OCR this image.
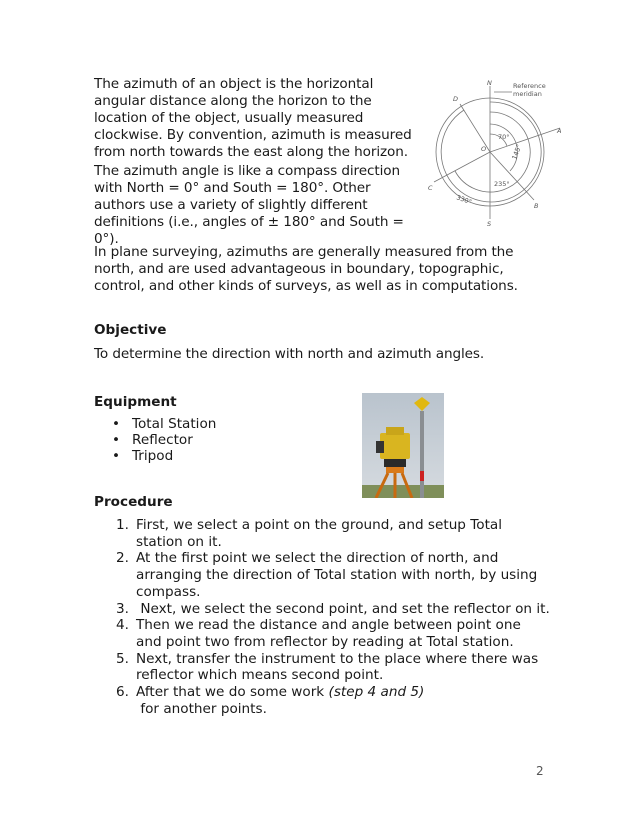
The azimuth of an object is the horizontal angular distance along the horizon to the location of the object, usually measured clockwise. By convention, azimuth is measured from north towards the east along the horizon.
The azimuth angle is like a compass direction with North = 0° and South = 180°. Other authors use a variety of slightly different definitions (i.e., angles of ± 180° and South = 0°).
In plane surveying, azimuths are generally measured from the north, and are used advantageous in boundary, topographic, control, and other kinds of surveys, as well as in computations.
N
S
A
B
C
D
O
Reference
meridian
70°
145°
235°
330°
Objective
To determine the direction with north and azimuth angles.
Equipment
• Total Station
• Reflector
• Tripod
Procedure
1. First, we select a point on the ground, and setup Total station on it.
2. At the first point we select the direction of north, and arranging the direction of Total station with north, by using compass.
3. Next, we select the second point, and set the reflector on it.
4. Then we read the distance and angle between point one and point two from reflector by reading at Total station.
5. Next, transfer the instrument to the place where there was reflector which means second point.
6. After that we do some work (step 4 and 5) for another points.
2
